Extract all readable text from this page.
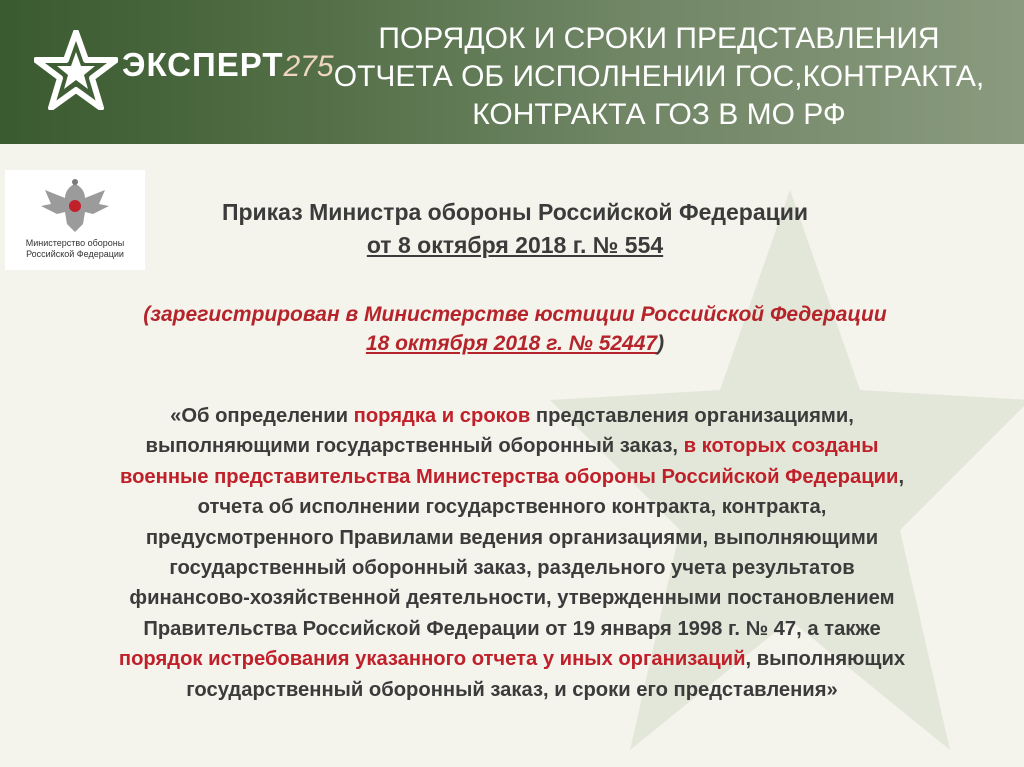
ЭКСПЕРТ 275
ПОРЯДОК И СРОКИ ПРЕДСТАВЛЕНИЯ
ОТЧЕТА ОБ ИСПОЛНЕНИИ ГОС,КОНТРАКТА,
КОНТРАКТА ГОЗ В МО РФ
Министерство обороны Российской Федерации
Приказ Министра обороны Российской Федерации
от 8 октября 2018 г. № 554
(зарегистрирован в Министерстве юстиции Российской Федерации
18 октября 2018 г. № 52447)
«Об определении порядка и сроков представления организациями,
выполняющими государственный оборонный заказ, в которых созданы
военные представительства Министерства обороны Российской Федерации,
отчета об исполнении государственного контракта, контракта,
предусмотренного Правилами ведения организациями, выполняющими
государственный оборонный заказ, раздельного учета результатов
финансово-хозяйственной деятельности, утвержденными постановлением
Правительства Российской Федерации от 19 января 1998 г. № 47, а также
порядок истребования указанного отчета у иных организаций, выполняющих
государственный оборонный заказ, и сроки его представления»
